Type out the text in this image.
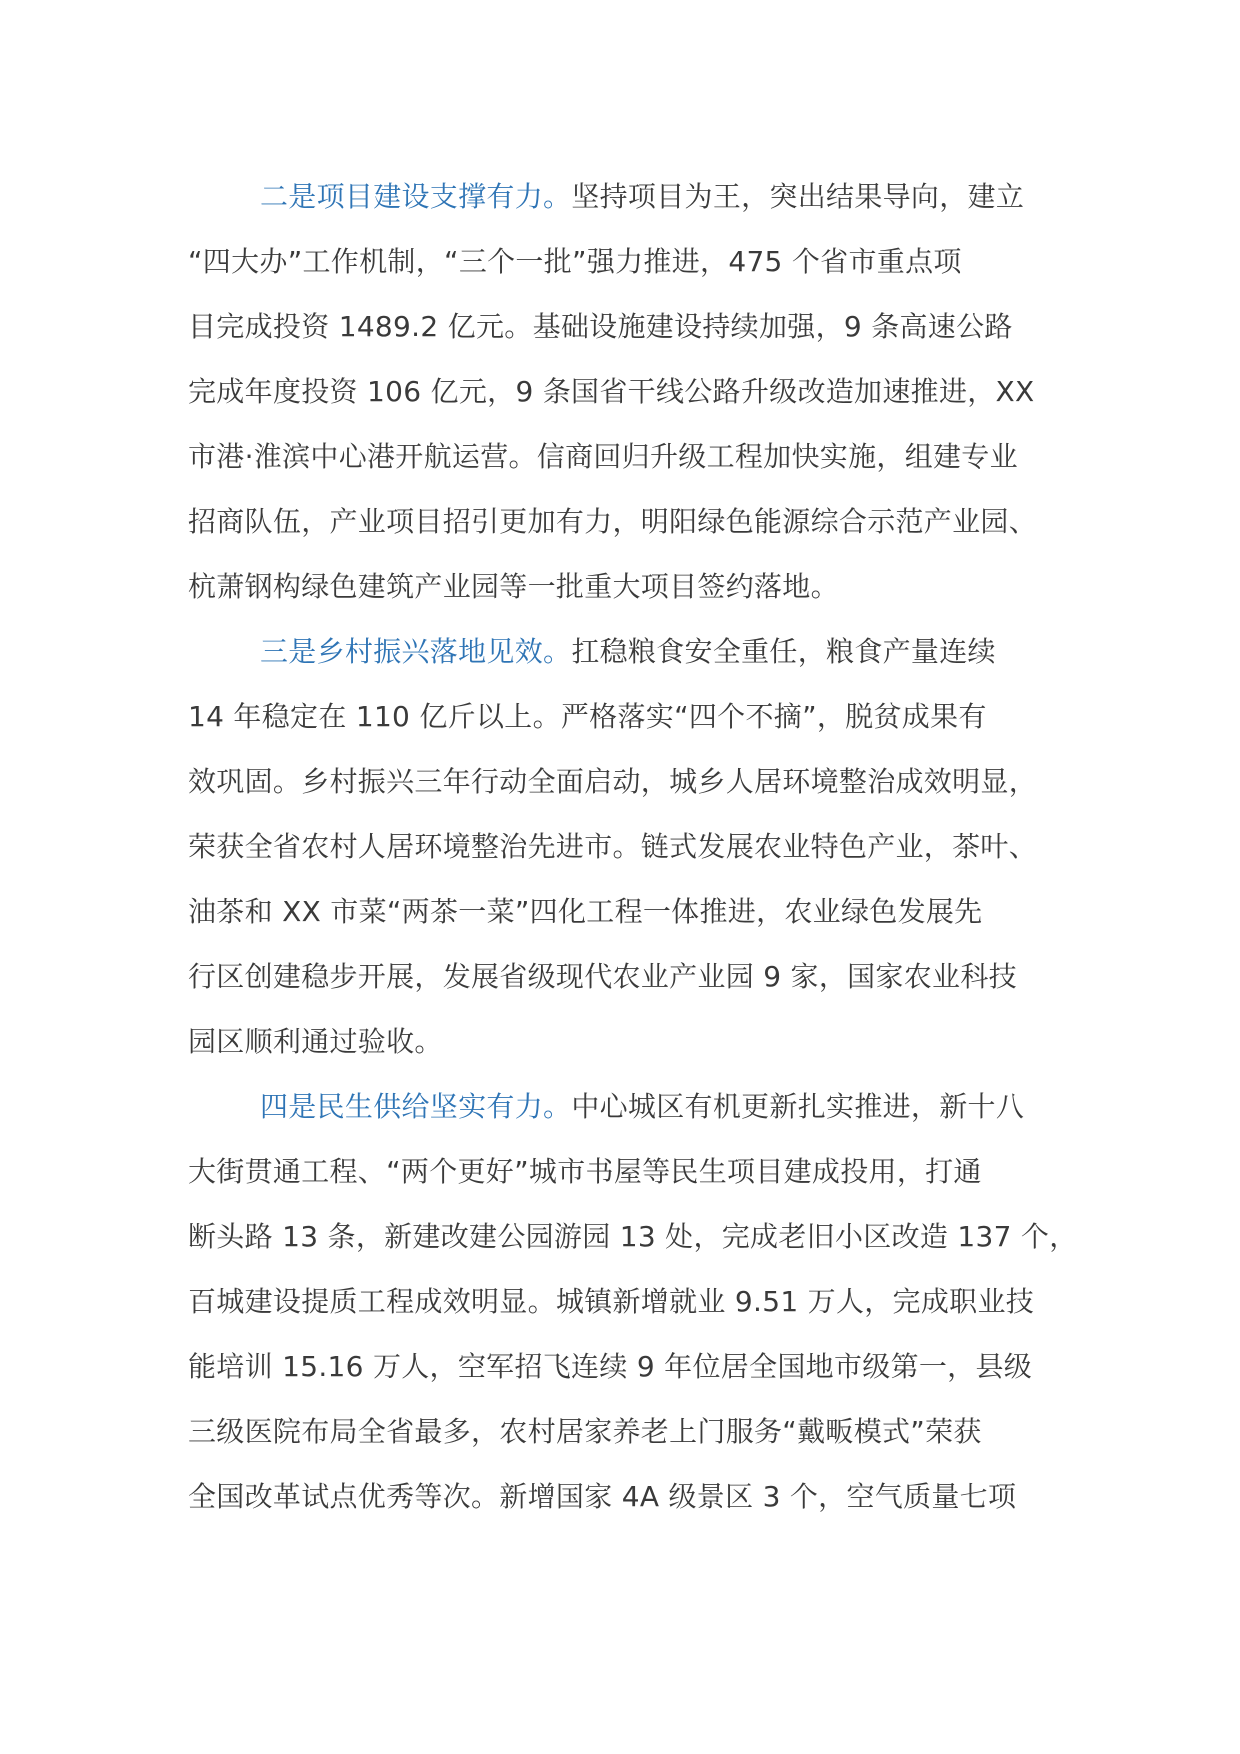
二是项目建设支撑有力。坚持项目为王，突出结果导向，建立
“四大办”工作机制，“三个一批”强力推进，475 个省市重点项
目完成投资 1489.2 亿元。基础设施建设持续加强，9 条高速公路
完成年度投资 106 亿元，9 条国省干线公路升级改造加速推进，XX
市港·淮滨中心港开航运营。信商回归升级工程加快实施，组建专业
招商队伍，产业项目招引更加有力，明阳绿色能源综合示范产业园、
杭萧钢构绿色建筑产业园等一批重大项目签约落地。
三是乡村振兴落地见效。扛稳粮食安全重任，粮食产量连续
14 年稳定在 110 亿斤以上。严格落实“四个不摘”，脱贫成果有
效巩固。乡村振兴三年行动全面启动，城乡人居环境整治成效明显，
荣获全省农村人居环境整治先进市。链式发展农业特色产业，茶叶、
油茶和 XX 市菜“两茶一菜”四化工程一体推进，农业绿色发展先
行区创建稳步开展，发展省级现代农业产业园 9 家，国家农业科技
园区顺利通过验收。
四是民生供给坚实有力。中心城区有机更新扎实推进，新十八
大街贯通工程、“两个更好”城市书屋等民生项目建成投用，打通
断头路 13 条，新建改建公园游园 13 处，完成老旧小区改造 137 个，
百城建设提质工程成效明显。城镇新增就业 9.51 万人，完成职业技
能培训 15.16 万人，空军招飞连续 9 年位居全国地市级第一，县级
三级医院布局全省最多，农村居家养老上门服务“戴畈模式”荣获
全国改革试点优秀等次。新增国家 4A 级景区 3 个，空气质量七项
